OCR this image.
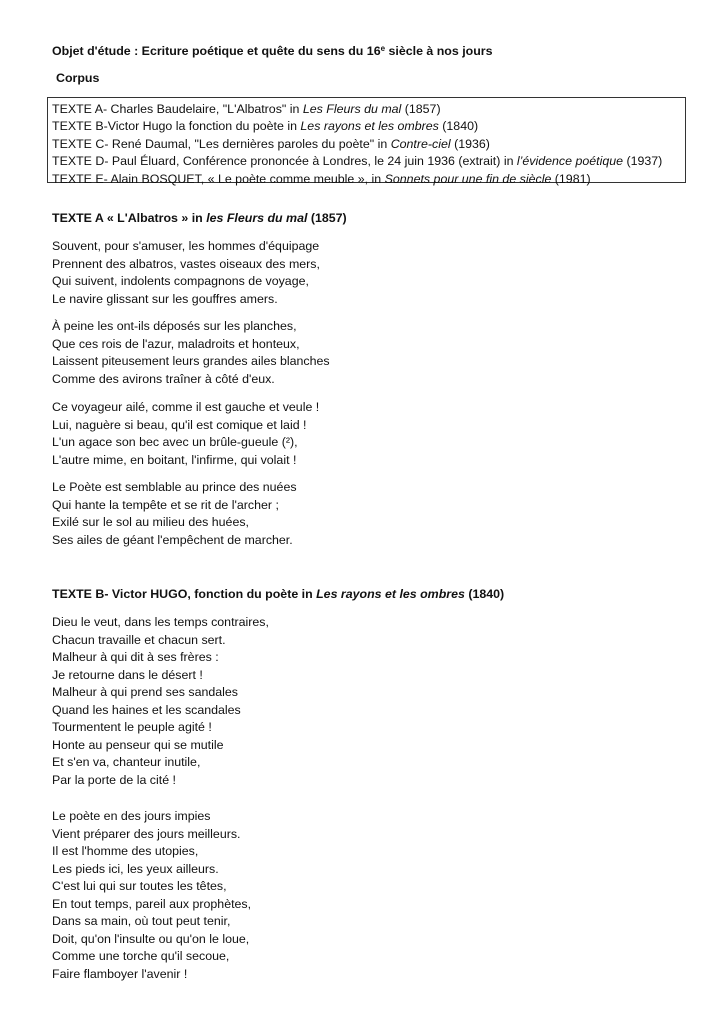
Objet d'étude : Ecriture poétique et quête du sens du 16e siècle à nos jours
Corpus
TEXTE A- Charles Baudelaire, "L'Albatros" in Les Fleurs du mal (1857)
TEXTE B-Victor Hugo la fonction du poète in Les rayons et les ombres (1840)
TEXTE C- René Daumal, "Les dernières paroles du poète" in Contre-ciel (1936)
TEXTE D- Paul Éluard, Conférence prononcée à Londres, le 24 juin 1936 (extrait) in l’évidence poétique (1937)
TEXTE E- Alain BOSQUET, « Le poète comme meuble », in Sonnets pour une fin de siècle (1981)
TEXTE A « L'Albatros » in les Fleurs du mal (1857)
Souvent, pour s'amuser, les hommes d'équipage
Prennent des albatros, vastes oiseaux des mers,
Qui suivent, indolents compagnons de voyage,
Le navire glissant sur les gouffres amers.
À peine les ont-ils déposés sur les planches,
Que ces rois de l'azur, maladroits et honteux,
Laissent piteusement leurs grandes ailes blanches
Comme des avirons traîner à côté d'eux.
Ce voyageur ailé, comme il est gauche et veule !
Lui, naguère si beau, qu'il est comique et laid !
L'un agace son bec avec un brûle-gueule (²),
L'autre mime, en boitant, l'infirme, qui volait !
Le Poète est semblable au prince des nuées
Qui hante la tempête et se rit de l'archer ;
Exilé sur le sol au milieu des huées,
Ses ailes de géant l'empêchent de marcher.
TEXTE B- Victor HUGO, fonction du poète in Les rayons et les ombres (1840)
Dieu le veut, dans les temps contraires,
Chacun travaille et chacun sert.
Malheur à qui dit à ses frères :
Je retourne dans le désert !
Malheur à qui prend ses sandales
Quand les haines et les scandales
Tourmentent le peuple agité !
Honte au penseur qui se mutile
Et s'en va, chanteur inutile,
Par la porte de la cité !
Le poète en des jours impies
Vient préparer des jours meilleurs.
Il est l'homme des utopies,
Les pieds ici, les yeux ailleurs.
C'est lui qui sur toutes les têtes,
En tout temps, pareil aux prophètes,
Dans sa main, où tout peut tenir,
Doit, qu'on l'insulte ou qu'on le loue,
Comme une torche qu'il secoue,
Faire flamboyer l'avenir !
